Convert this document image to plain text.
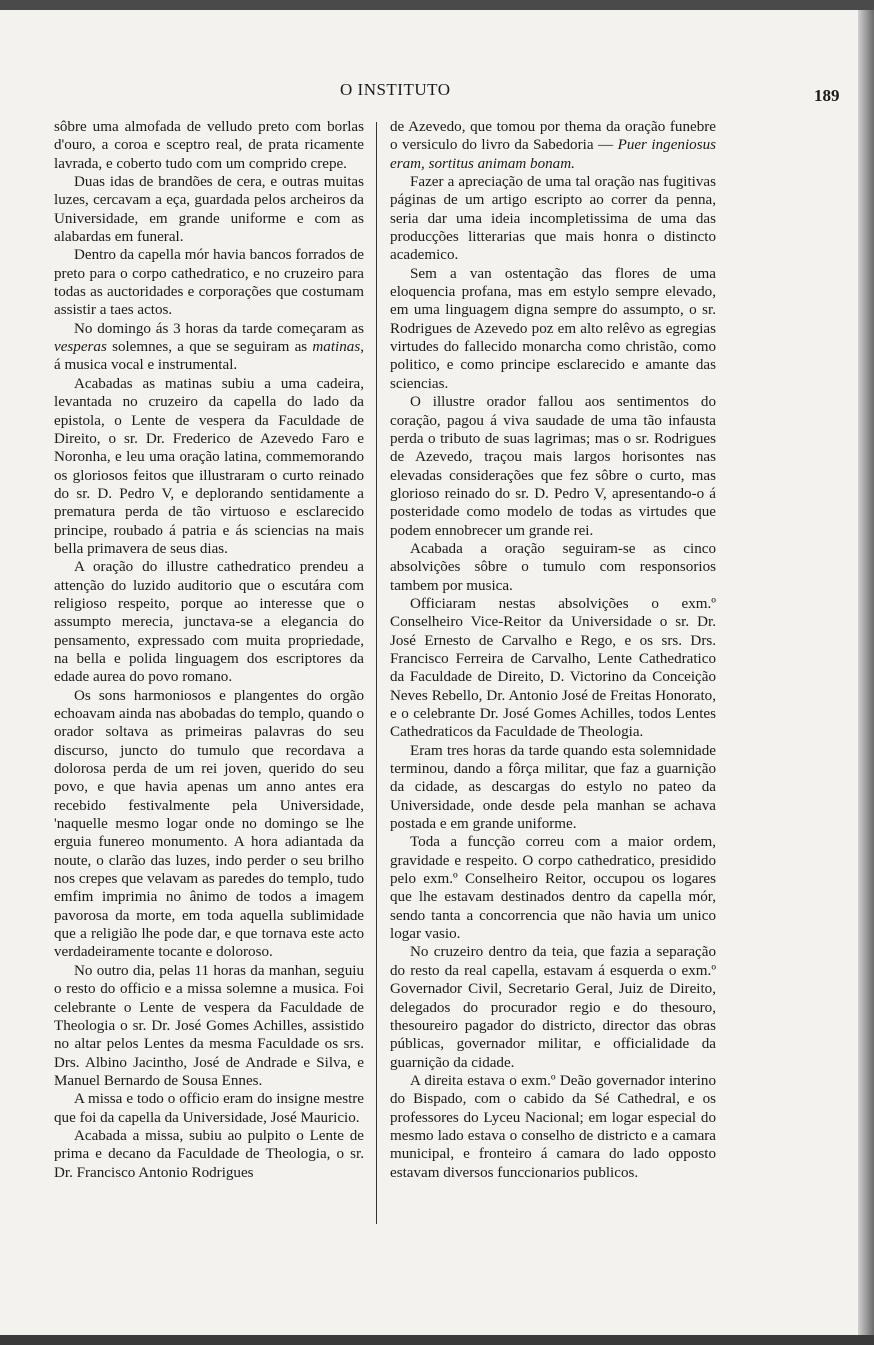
O INSTITUTO	189

sôbre uma almofada de velludo preto com borlas d'ouro, a coroa e sceptro real, de prata ricamente lavrada, e coberto tudo com um comprido crepe.

Duas idas de brandões de cera, e outras muitas luzes, cercavam a eça, guardada pelos archeiros da Universidade, em grande uniforme e com as alabardas em funeral.

Dentro da capella mór havia bancos forrados de preto para o corpo cathedratico, e no cruzeiro para todas as auctoridades e corporações que costumam assistir a taes actos.

No domingo ás 3 horas da tarde começaram as vesperas solemnes, a que se seguiram as matinas, á musica vocal e instrumental.

Acabadas as matinas subiu a uma cadeira, levantada no cruzeiro da capella do lado da epistola, o Lente de vespera da Faculdade de Direito, o sr. Dr. Frederico de Azevedo Faro e Noronha, e leu uma oração latina, commemorando os gloriosos feitos que illustraram o curto reinado do sr. D. Pedro V, e deplorando sentidamente a prematura perda de tão virtuoso e esclarecido principe, roubado á patria e ás sciencias na mais bella primavera de seus dias.

A oração do illustre cathedratico prendeu a attenção do luzido auditorio que o escutára com religioso respeito, porque ao interesse que o assumpto merecia, junctava-se a elegancia do pensamento, expressado com muita propriedade, na bella e polida linguagem dos escriptores da edade aurea do povo romano.

Os sons harmoniosos e plangentes do orgão echoavam ainda nas abobadas do templo, quando o orador soltava as primeiras palavras do seu discurso, juncto do tumulo que recordava a dolorosa perda de um rei joven, querido do seu povo, e que havia apenas um anno antes era recebido festivalmente pela Universidade, 'naquelle mesmo logar onde no domingo se lhe erguia funereo monumento. A hora adiantada da noute, o clarão das luzes, indo perder o seu brilho nos crepes que velavam as paredes do templo, tudo emfim imprimia no ânimo de todos a imagem pavorosa da morte, em toda aquella sublimidade que a religião lhe pode dar, e que tornava este acto verdadeiramente tocante e doloroso.

No outro dia, pelas 11 horas da manhan, seguiu o resto do officio e a missa solemne a musica. Foi celebrante o Lente de vespera da Faculdade de Theologia o sr. Dr. José Gomes Achilles, assistido no altar pelos Lentes da mesma Faculdade os srs. Drs. Albino Jacintho, José de Andrade e Silva, e Manuel Bernardo de Sousa Ennes.

A missa e todo o officio eram do insigne mestre que foi da capella da Universidade, José Mauricio.

Acabada a missa, subiu ao pulpito o Lente de prima e decano da Faculdade de Theologia, o sr. Dr. Francisco Antonio Rodrigues

de Azevedo, que tomou por thema da oração funebre o versiculo do livro da Sabedoria — Puer ingeniosus eram, sortitus animam bonam.

Fazer a apreciação de uma tal oração nas fugitivas páginas de um artigo escripto ao correr da penna, seria dar uma ideia incompletissima de uma das producções litterarias que mais honra o distincto academico.

Sem a van ostentação das flores de uma eloquencia profana, mas em estylo sempre elevado, em uma linguagem digna sempre do assumpto, o sr. Rodrigues de Azevedo poz em alto relêvo as egregias virtudes do fallecido monarcha como christão, como politico, e como principe esclarecido e amante das sciencias.

O illustre orador fallou aos sentimentos do coração, pagou á viva saudade de uma tão infausta perda o tributo de suas lagrimas; mas o sr. Rodrigues de Azevedo, traçou mais largos horisontes nas elevadas considerações que fez sôbre o curto, mas glorioso reinado do sr. D. Pedro V, apresentando-o á posteridade como modelo de todas as virtudes que podem ennobrecer um grande rei.

Acabada a oração seguiram-se as cinco absolvições sôbre o tumulo com responsorios tambem por musica.

Officiaram nestas absolvições o exm.º Conselheiro Vice-Reitor da Universidade o sr. Dr. José Ernesto de Carvalho e Rego, e os srs. Drs. Francisco Ferreira de Carvalho, Lente Cathedratico da Faculdade de Direito, D. Victorino da Conceição Neves Rebello, Dr. Antonio José de Freitas Honorato, e o celebrante Dr. José Gomes Achilles, todos Lentes Cathedraticos da Faculdade de Theologia.

Eram tres horas da tarde quando esta solemnidade terminou, dando a fôrça militar, que faz a guarnição da cidade, as descargas do estylo no pateo da Universidade, onde desde pela manhan se achava postada e em grande uniforme.

Toda a funcção correu com a maior ordem, gravidade e respeito. O corpo cathedratico, presidido pelo exm.º Conselheiro Reitor, occupou os logares que lhe estavam destinados dentro da capella mór, sendo tanta a concorrencia que não havia um unico logar vasio.

No cruzeiro dentro da teia, que fazia a separação do resto da real capella, estavam á esquerda o exm.º Governador Civil, Secretario Geral, Juiz de Direito, delegados do procurador regio e do thesouro, thesoureiro pagador do districto, director das obras públicas, governador militar, e officialidade da guarnição da cidade.

A direita estava o exm.º Deão governador interino do Bispado, com o cabido da Sé Cathedral, e os professores do Lyceu Nacional; em logar especial do mesmo lado estava o conselho de districto e a camara municipal, e fronteiro á camara do lado opposto estavam diversos funccionarios publicos.
